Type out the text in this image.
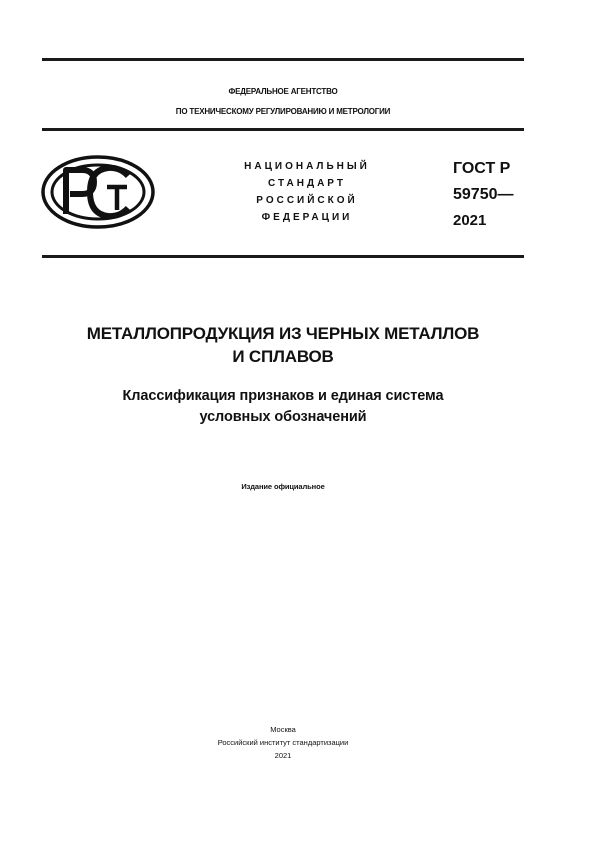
ФЕДЕРАЛЬНОЕ АГЕНТСТВО
ПО ТЕХНИЧЕСКОМУ РЕГУЛИРОВАНИЮ И МЕТРОЛОГИИ
НАЦИОНАЛЬНЫЙ
СТАНДАРТ
РОССИЙСКОЙ
ФЕДЕРАЦИИ
ГОСТ Р
59750—
2021
МЕТАЛЛОПРОДУКЦИЯ ИЗ ЧЕРНЫХ МЕТАЛЛОВ
И СПЛАВОВ
Классификация признаков и единая система
условных обозначений
Издание официальное
Москва
Российский институт стандартизации
2021
